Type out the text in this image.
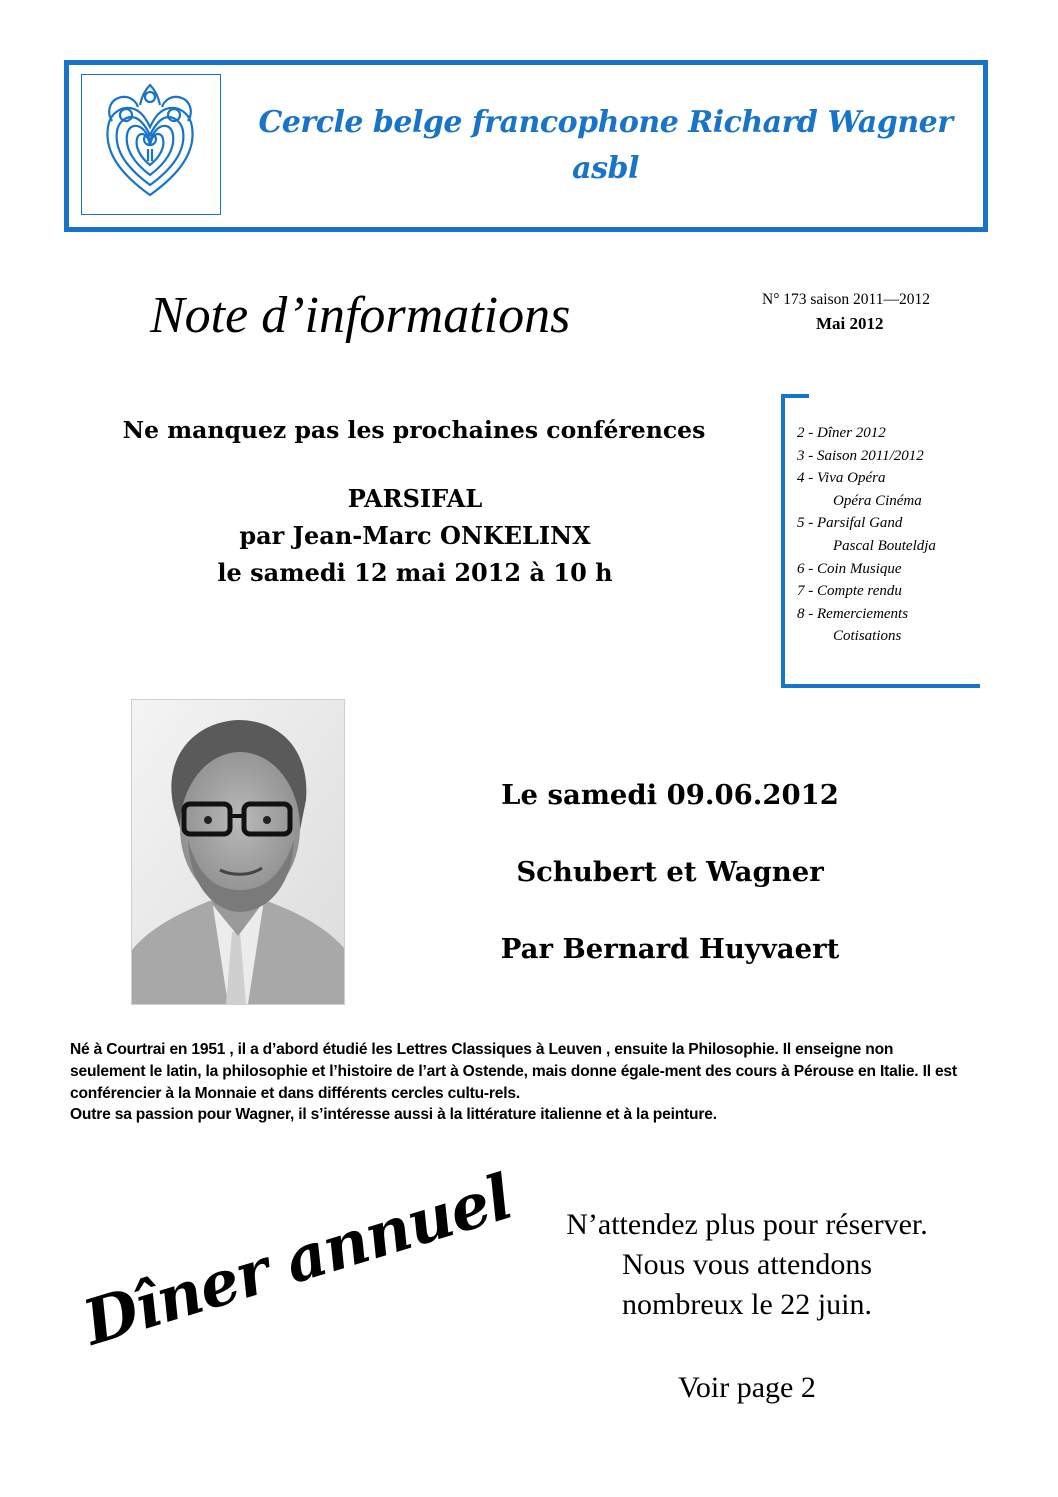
Cercle belge francophone Richard Wagner
asbl
Note d’informations	N° 173 saison 2011—2012
Mai 2012
2 - Dîner 2012
3 - Saison 2011/2012
4 - Viva Opéra
Opéra Cinéma
5 - Parsifal Gand
Pascal Bouteldja
6 - Coin Musique
7 - Compte rendu
8 - Remerciements
Cotisations
Ne manquez pas les prochaines conférences
PARSIFAL
par Jean-Marc ONKELINX
le samedi 12 mai 2012 à 10 h
Le samedi 09.06.2012
Schubert et Wagner
Par Bernard Huyvaert

Né à Courtrai en 1951 , il a d’abord étudié les Lettres Classiques à Leuven , ensuite la Philosophie. Il enseigne non seulement le latin, la philosophie et l’histoire de l’art à Ostende, mais donne égale-ment des cours à Pérouse en Italie. Il est conférencier à la Monnaie et dans différents cercles cultu-rels.

Outre sa passion pour Wagner, il s’intéresse aussi à la littérature italienne et à la peinture.

Dîner annuel	N’attendez plus pour réserver.
Nous vous attendons
nombreux le 22 juin.
Voir page 2
